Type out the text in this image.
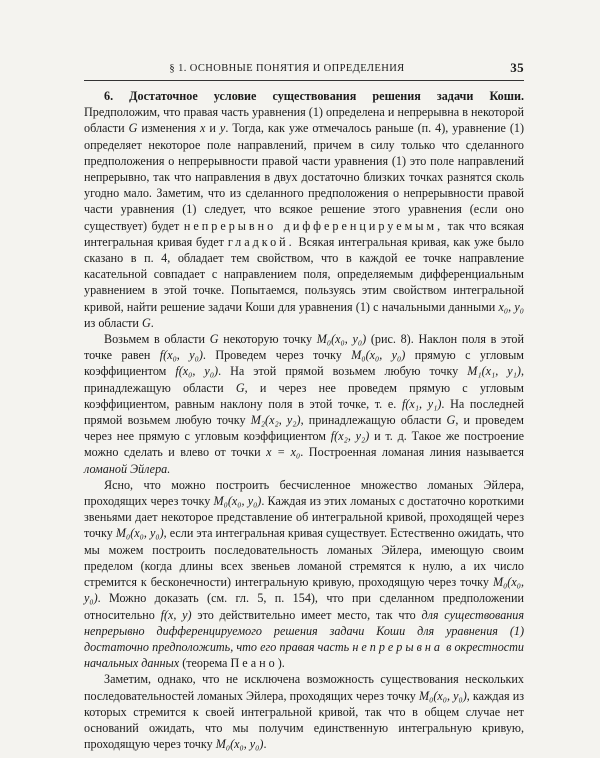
§ 1. ОСНОВНЫЕ ПОНЯТИЯ И ОПРЕДЕЛЕНИЯ	35

6. Достаточное условие существования решения задачи Коши. Предположим, что правая часть уравнения (1) определена и непрерывна в некоторой области G изменения x и y. Тогда, как уже отмечалось раньше (п. 4), уравнение (1) определяет некоторое поле направлений, причем в силу только что сделанного предположения о непрерывности правой части уравнения (1) это поле направлений непрерывно, так что направления в двух достаточно близких точках разнятся сколь угодно мало. Заметим, что из сделанного предположения о непрерывности правой части уравнения (1) следует, что всякое решение этого уравнения (если оно существует) будет непрерывно дифференцируемым, так что всякая интегральная кривая будет гладкой. Всякая интегральная кривая, как уже было сказано в п. 4, обладает тем свойством, что в каждой ее точке направление касательной совпадает с направлением поля, определяемым дифференциальным уравнением в этой точке. Попытаемся, пользуясь этим свойством интегральной кривой, найти решение задачи Коши для уравнения (1) с начальными данными x₀, y₀ из области G.

Возьмем в области G некоторую точку M₀(x₀, y₀) (рис. 8). Наклон поля в этой точке равен f(x₀, y₀). Проведем через точку M₀(x₀, y₀) прямую с угловым коэффициентом f(x₀, y₀). На этой прямой возьмем любую точку M₁(x₁, y₁), принадлежащую области G, и через нее проведем прямую с угловым коэффициентом, равным наклону поля в этой точке, т. е. f(x₁, y₁). На последней прямой возьмем любую точку M₂(x₂, y₂), принадлежащую области G, и проведем через нее прямую с угловым коэффициентом f(x₂, y₂) и т. д. Такое же построение можно сделать и влево от точки x = x₀. Построенная ломаная линия называется ломаной Эйлера.

Ясно, что можно построить бесчисленное множество ломаных Эйлера, проходящих через точку M₀(x₀, y₀). Каждая из этих ломаных с достаточно короткими звеньями дает некоторое представление об интегральной кривой, проходящей через точку M₀(x₀, y₀), если эта интегральная кривая существует. Естественно ожидать, что мы можем построить последовательность ломаных Эйлера, имеющую своим пределом (когда длины всех звеньев ломаной стремятся к нулю, а их число стремится к бесконечности) интегральную кривую, проходящую через точку M₀(x₀, y₀). Можно доказать (см. гл. 5, п. 154), что при сделанном предположении относительно f(x, y) это действительно имеет место, так что для существования непрерывно дифференцируемого решения задачи Коши для уравнения (1) достаточно предположить, что его правая часть непрерывна в окрестности начальных данных (теорема Пеано).

Заметим, однако, что не исключена возможность существования нескольких последовательностей ломаных Эйлера, проходящих через точку M₀(x₀, y₀), каждая из которых стремится к своей интегральной кривой, так что в общем случае нет оснований ожидать, что мы получим единственную интегральную кривую, проходящую через точку M₀(x₀, y₀).
